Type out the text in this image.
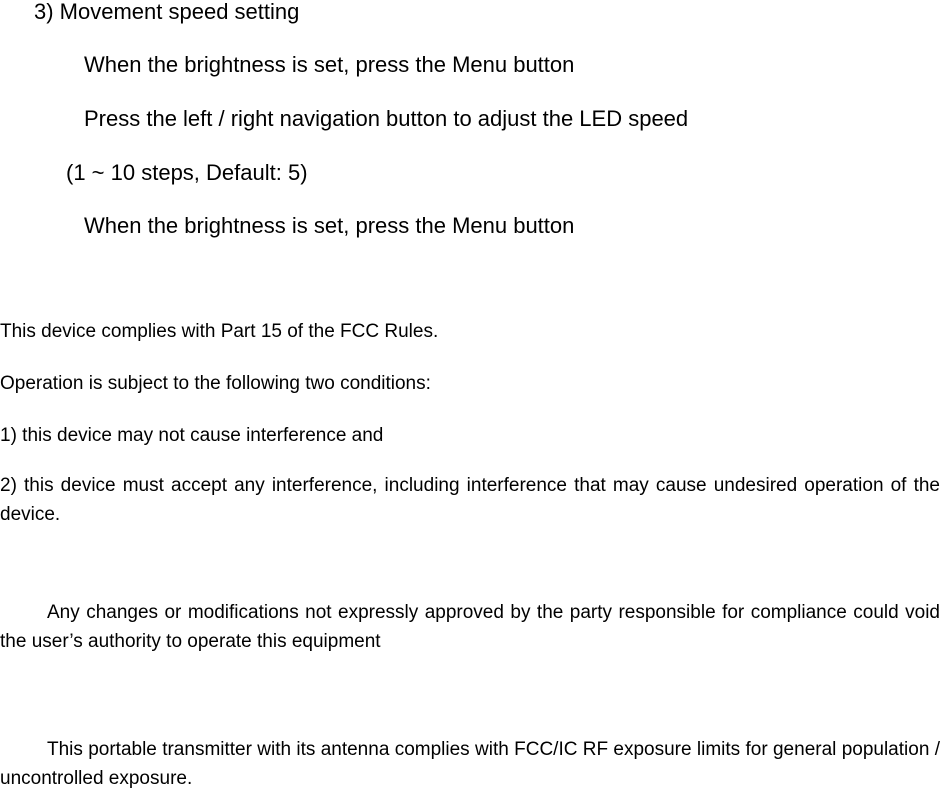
3) Movement speed setting
When the brightness is set, press the Menu button
Press the left / right navigation button to adjust the LED speed
(1 ~ 10 steps, Default: 5)
When the brightness is set, press the Menu button
This device complies with Part 15 of the FCC Rules.
Operation is subject to the following two conditions:
1) this device may not cause interference and

2) this device must accept any interference, including interference that may cause undesired operation of the device.

Any changes or modifications not expressly approved by the party responsible for compliance could void the user’s authority to operate this equipment

This portable transmitter with its antenna complies with FCC/IC RF exposure limits for general population / uncontrolled exposure.
